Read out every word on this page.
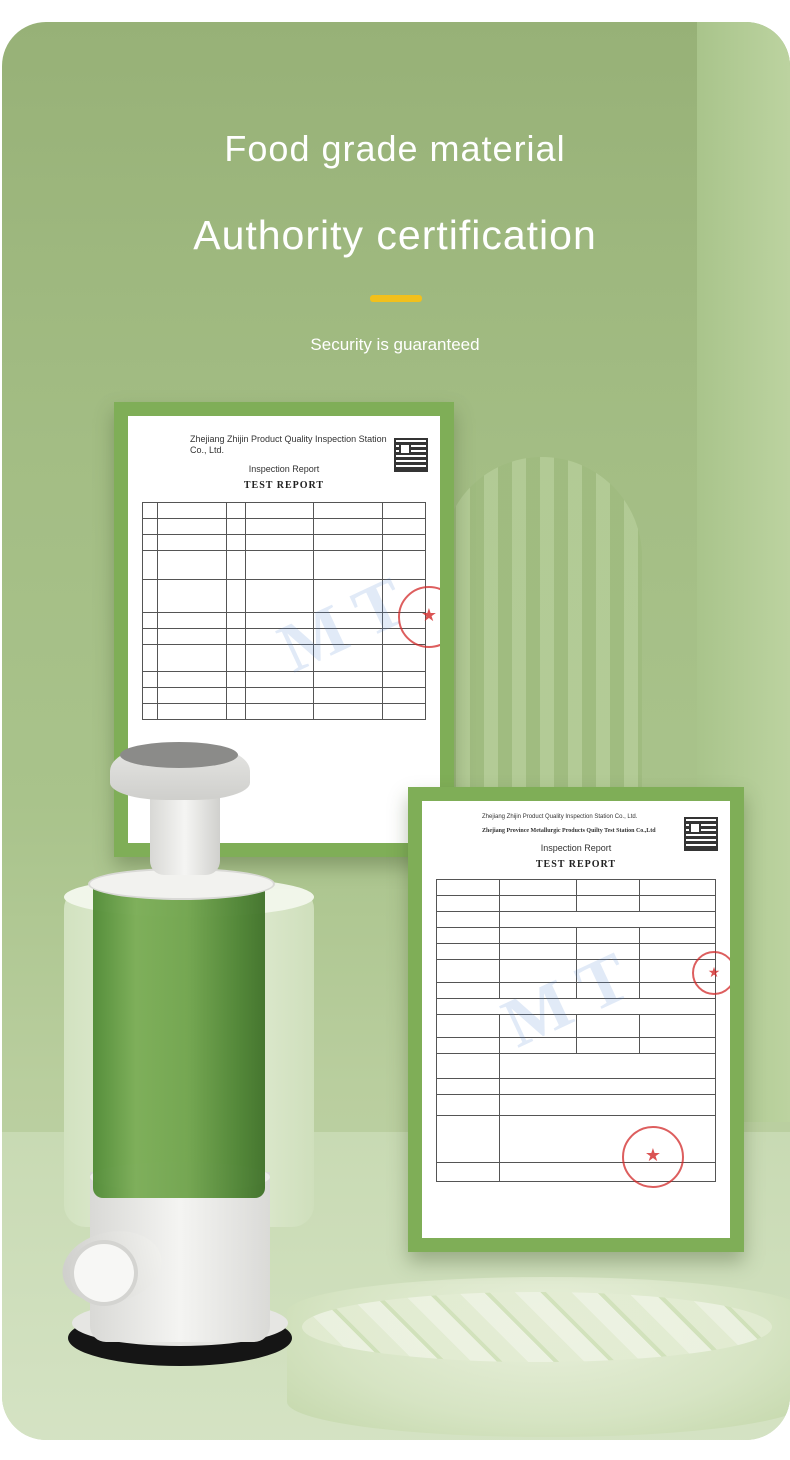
Food grade material
Authority certification
Security is guaranteed
Zhejiang Zhijin Product Quality Inspection Station Co., Ltd.
Inspection Report
TEST REPORT

M T ★
Zhejiang Zhijin Product Quality Inspection Station Co., Ltd.
Zhejiang Province Metallurgic Products Quilty Test Station Co.,Ltd
Inspection Report
TEST REPORT

M T
★
★
